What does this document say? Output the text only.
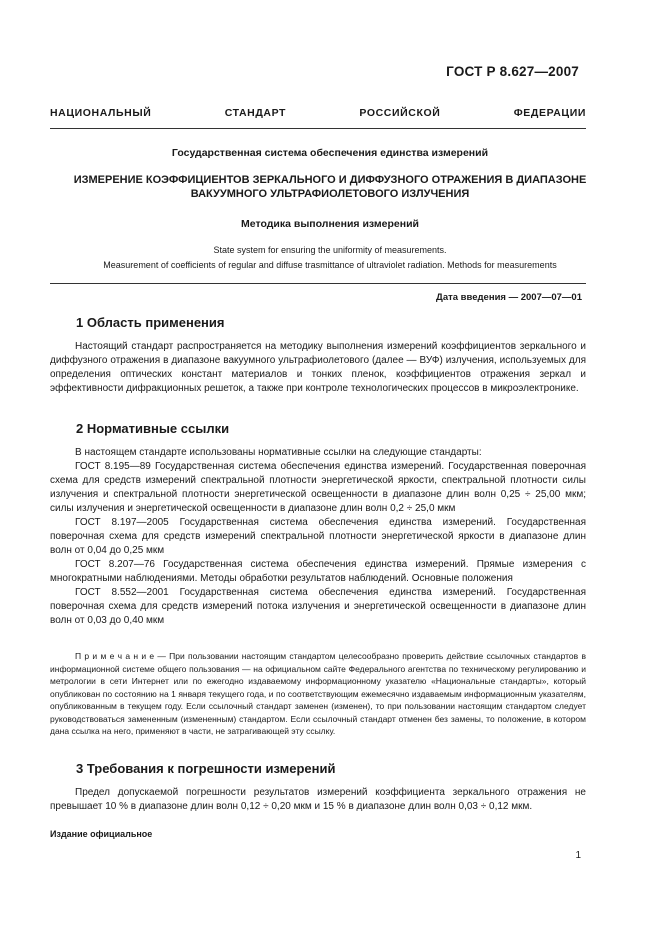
ГОСТ Р 8.627—2007
НАЦИОНАЛЬНЫЙ СТАНДАРТ РОССИЙСКОЙ ФЕДЕРАЦИИ
Государственная система обеспечения единства измерений
ИЗМЕРЕНИЕ КОЭФФИЦИЕНТОВ ЗЕРКАЛЬНОГО И ДИФФУЗНОГО ОТРАЖЕНИЯ В ДИАПАЗОНЕ
ВАКУУМНОГО УЛЬТРАФИОЛЕТОВОГО ИЗЛУЧЕНИЯ
Методика выполнения измерений
State system for ensuring the uniformity of measurements.
Measurement of coefficients of regular and diffuse trasmittance of ultraviolet radiation. Methods for measurements
Дата введения — 2007—07—01
1 Область применения

Настоящий стандарт распространяется на методику выполнения измерений коэффициентов зеркального и диффузного отражения в диапазоне вакуумного ультрафиолетового (далее — ВУФ) излучения, используемых для определения оптических констант материалов и тонких пленок, коэффициентов отражения зеркал и эффективности дифракционных решеток, а также при контроле технологических процессов в микроэлектронике.

2 Нормативные ссылки

В настоящем стандарте использованы нормативные ссылки на следующие стандарты:

ГОСТ 8.195—89 Государственная система обеспечения единства измерений. Государственная поверочная схема для средств измерений спектральной плотности энергетической яркости, спектральной плотности силы излучения и спектральной плотности энергетической освещенности в диапазоне длин волн 0,25 ÷ 25,00 мкм; силы излучения и энергетической освещенности в диапазоне длин волн 0,2 ÷ 25,0 мкм

ГОСТ 8.197—2005 Государственная система обеспечения единства измерений. Государственная поверочная схема для средств измерений спектральной плотности энергетической яркости в диапазоне длин волн от 0,04 до 0,25 мкм

ГОСТ 8.207—76 Государственная система обеспечения единства измерений. Прямые измерения с многократными наблюдениями. Методы обработки результатов наблюдений. Основные положения

ГОСТ 8.552—2001 Государственная система обеспечения единства измерений. Государственная поверочная схема для средств измерений потока излучения и энергетической освещенности в диапазоне длин волн от 0,03 до 0,40 мкм

П р и м е ч а н и е — При пользовании настоящим стандартом целесообразно проверить действие ссылочных стандартов в информационной системе общего пользования — на официальном сайте Федерального агентства по техническому регулированию и метрологии в сети Интернет или по ежегодно издаваемому информационному указателю «Национальные стандарты», который опубликован по состоянию на 1 января текущего года, и по соответствующим ежемесячно издаваемым информационным указателям, опубликованным в текущем году. Если ссылочный стандарт заменен (изменен), то при пользовании настоящим стандартом следует руководствоваться замененным (измененным) стандартом. Если ссылочный стандарт отменен без замены, то положение, в котором дана ссылка на него, применяют в части, не затрагивающей эту ссылку.
3 Требования к погрешности измерений

Предел допускаемой погрешности результатов измерений коэффициента зеркального отражения не превышает 10 % в диапазоне длин волн 0,12 ÷ 0,20 мкм и 15 % в диапазоне длин волн 0,03 ÷ 0,12 мкм.

Издание официальное
1
